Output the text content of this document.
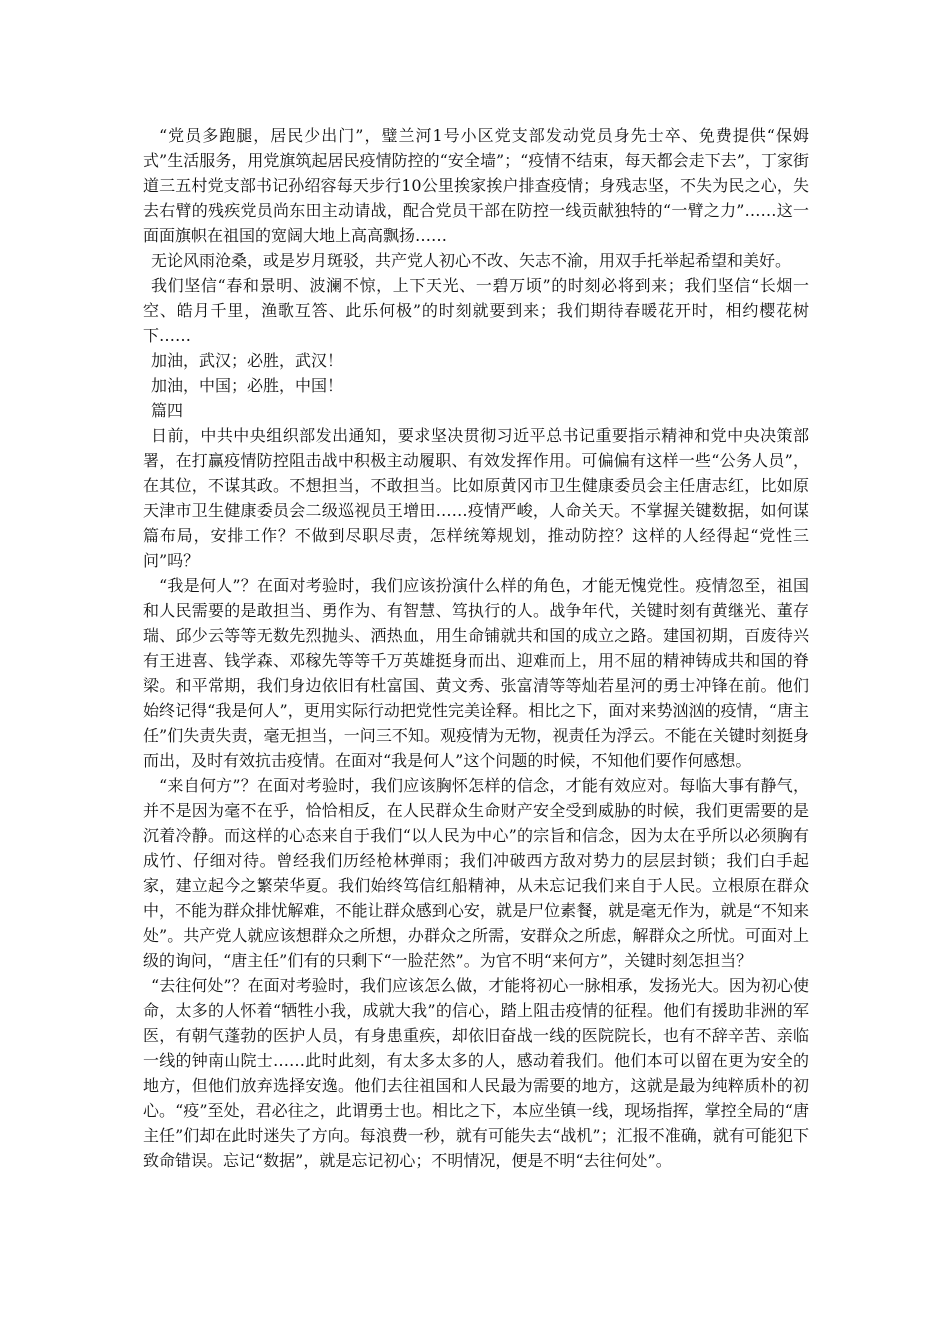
“党员多跑腿，居民少出门”，璧兰河1号小区党支部发动党员身先士卒、免费提供“保姆式”生活服务，用党旗筑起居民疫情防控的“安全墙”；“疫情不结束，每天都会走下去”，丁家街道三五村党支部书记孙绍容每天步行10公里挨家挨户排查疫情；身残志坚，不失为民之心，失去右臂的残疾党员尚东田主动请战，配合党员干部在防控一线贡献独特的“一臂之力”……这一面面旗帜在祖国的宽阔大地上高高飘扬……

无论风雨沧桑，或是岁月斑驳，共产党人初心不改、矢志不渝，用双手托举起希望和美好。

我们坚信“春和景明、波澜不惊，上下天光、一碧万顷”的时刻必将到来；我们坚信“长烟一空、皓月千里，渔歌互答、此乐何极”的时刻就要到来；我们期待春暖花开时，相约樱花树下……

加油，武汉；必胜，武汉！

加油，中国；必胜，中国！

篇四

日前，中共中央组织部发出通知，要求坚决贯彻习近平总书记重要指示精神和党中央决策部署，在打赢疫情防控阻击战中积极主动履职、有效发挥作用。可偏偏有这样一些“公务人员”，在其位，不谋其政。不想担当，不敢担当。比如原黄冈市卫生健康委员会主任唐志红，比如原天津市卫生健康委员会二级巡视员王增田……疫情严峻，人命关天。不掌握关键数据，如何谋篇布局，安排工作？不做到尽职尽责，怎样统筹规划，推动防控？这样的人经得起“党性三问”吗？

“我是何人”？在面对考验时，我们应该扮演什么样的角色，才能无愧党性。疫情忽至，祖国和人民需要的是敢担当、勇作为、有智慧、笃执行的人。战争年代，关键时刻有黄继光、董存瑞、邱少云等等无数先烈抛头、洒热血，用生命铺就共和国的成立之路。建国初期，百废待兴有王进喜、钱学森、邓稼先等等千万英雄挺身而出、迎难而上，用不屈的精神铸成共和国的脊梁。和平常期，我们身边依旧有杜富国、黄文秀、张富清等等灿若星河的勇士冲锋在前。他们始终记得“我是何人”，更用实际行动把党性完美诠释。相比之下，面对来势汹汹的疫情，“唐主任”们失责失责，毫无担当，一问三不知。观疫情为无物，视责任为浮云。不能在关键时刻挺身而出，及时有效抗击疫情。在面对“我是何人”这个问题的时候，不知他们要作何感想。

“来自何方”？在面对考验时，我们应该胸怀怎样的信念，才能有效应对。每临大事有静气，并不是因为毫不在乎，恰恰相反，在人民群众生命财产安全受到威胁的时候，我们更需要的是沉着冷静。而这样的心态来自于我们“以人民为中心”的宗旨和信念，因为太在乎所以必须胸有成竹、仔细对待。曾经我们历经枪林弹雨；我们冲破西方敌对势力的层层封锁；我们白手起家，建立起今之繁荣华夏。我们始终笃信红船精神，从未忘记我们来自于人民。立根原在群众中，不能为群众排忧解难，不能让群众感到心安，就是尸位素餐，就是毫无作为，就是“不知来处”。共产党人就应该想群众之所想，办群众之所需，安群众之所虑，解群众之所忧。可面对上级的询问，“唐主任”们有的只剩下“一脸茫然”。为官不明“来何方”，关键时刻怎担当？

“去往何处”？在面对考验时，我们应该怎么做，才能将初心一脉相承，发扬光大。因为初心使命，太多的人怀着“牺牲小我，成就大我”的信心，踏上阻击疫情的征程。他们有援助非洲的军医，有朝气蓬勃的医护人员，有身患重疾，却依旧奋战一线的医院院长，也有不辞辛苦、亲临一线的钟南山院士……此时此刻，有太多太多的人，感动着我们。他们本可以留在更为安全的地方，但他们放弃选择安逸。他们去往祖国和人民最为需要的地方，这就是最为纯粹质朴的初心。“疫”至处，君必往之，此谓勇士也。相比之下，本应坐镇一线，现场指挥，掌控全局的“唐主任”们却在此时迷失了方向。每浪费一秒，就有可能失去“战机”；汇报不准确，就有可能犯下致命错误。忘记“数据”，就是忘记初心；不明情况，便是不明“去往何处”。
